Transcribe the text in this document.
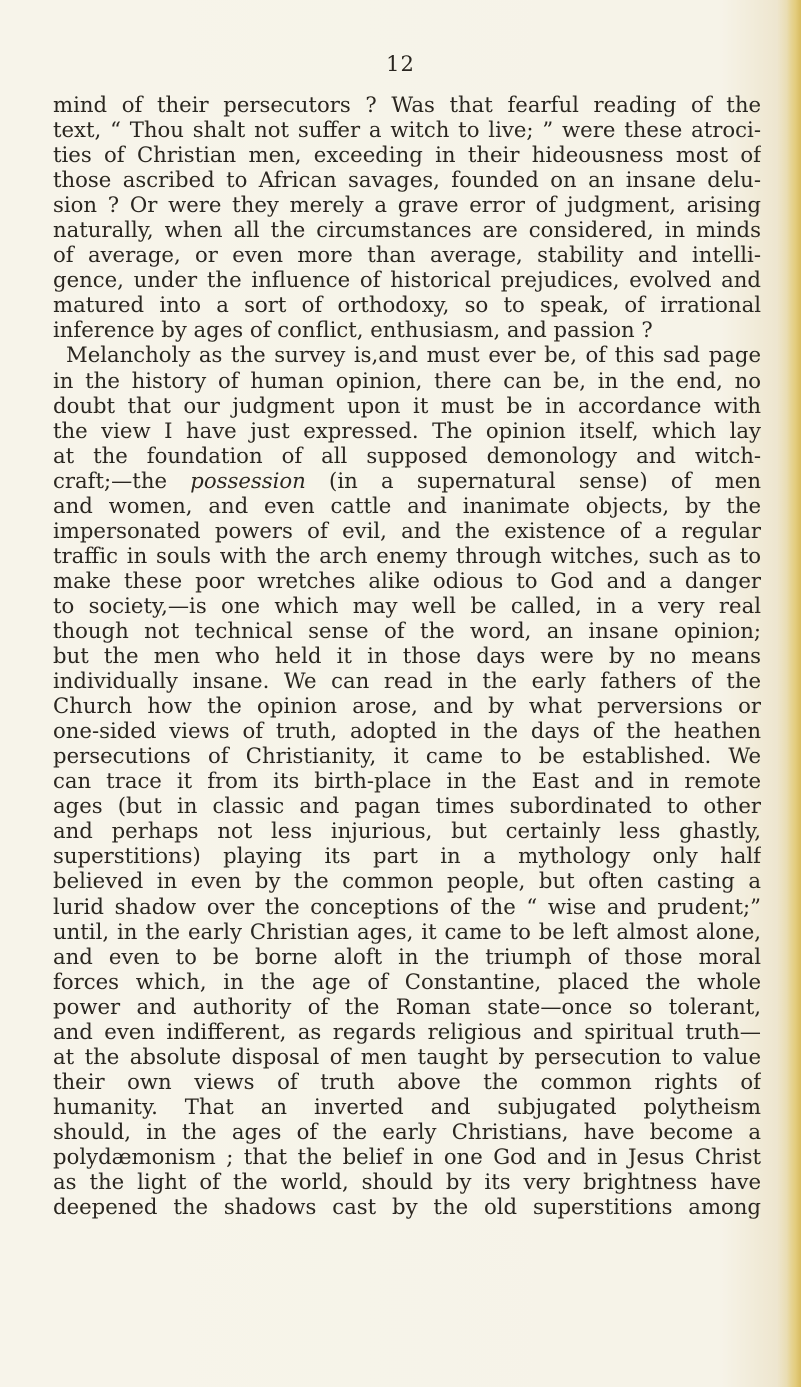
12
mind of their persecutors ? Was that fearful reading of the
text, “ Thou shalt not suffer a witch to live; ” were these atroci-
ties of Christian men, exceeding in their hideousness most of
those ascribed to African savages, founded on an insane delu-
sion ? Or were they merely a grave error of judgment, arising
naturally, when all the circumstances are considered, in minds
of average, or even more than average, stability and intelli-
gence, under the influence of historical prejudices, evolved and
matured into a sort of orthodoxy, so to speak, of irrational
inference by ages of conflict, enthusiasm, and passion ?
Melancholy as the survey is,and must ever be, of this sad page
in the history of human opinion, there can be, in the end, no
doubt that our judgment upon it must be in accordance with
the view I have just expressed. The opinion itself, which lay
at the foundation of all supposed demonology and witch-
craft;—the possession (in a supernatural sense) of men
and women, and even cattle and inanimate objects, by the
impersonated powers of evil, and the existence of a regular
traffic in souls with the arch enemy through witches, such as to
make these poor wretches alike odious to God and a danger
to society,—is one which may well be called, in a very real
though not technical sense of the word, an insane opinion;
but the men who held it in those days were by no means
individually insane. We can read in the early fathers of the
Church how the opinion arose, and by what perversions or
one-sided views of truth, adopted in the days of the heathen
persecutions of Christianity, it came to be established. We
can trace it from its birth-place in the East and in remote
ages (but in classic and pagan times subordinated to other
and perhaps not less injurious, but certainly less ghastly,
superstitions) playing its part in a mythology only half
believed in even by the common people, but often casting a
lurid shadow over the conceptions of the “ wise and prudent;”
until, in the early Christian ages, it came to be left almost alone,
and even to be borne aloft in the triumph of those moral
forces which, in the age of Constantine, placed the whole
power and authority of the Roman state—once so tolerant,
and even indifferent, as regards religious and spiritual truth—
at the absolute disposal of men taught by persecution to value
their own views of truth above the common rights of
humanity. That an inverted and subjugated polytheism
should, in the ages of the early Christians, have become a
polydæmonism ; that the belief in one God and in Jesus Christ
as the light of the world, should by its very brightness have
deepened the shadows cast by the old superstitions among
